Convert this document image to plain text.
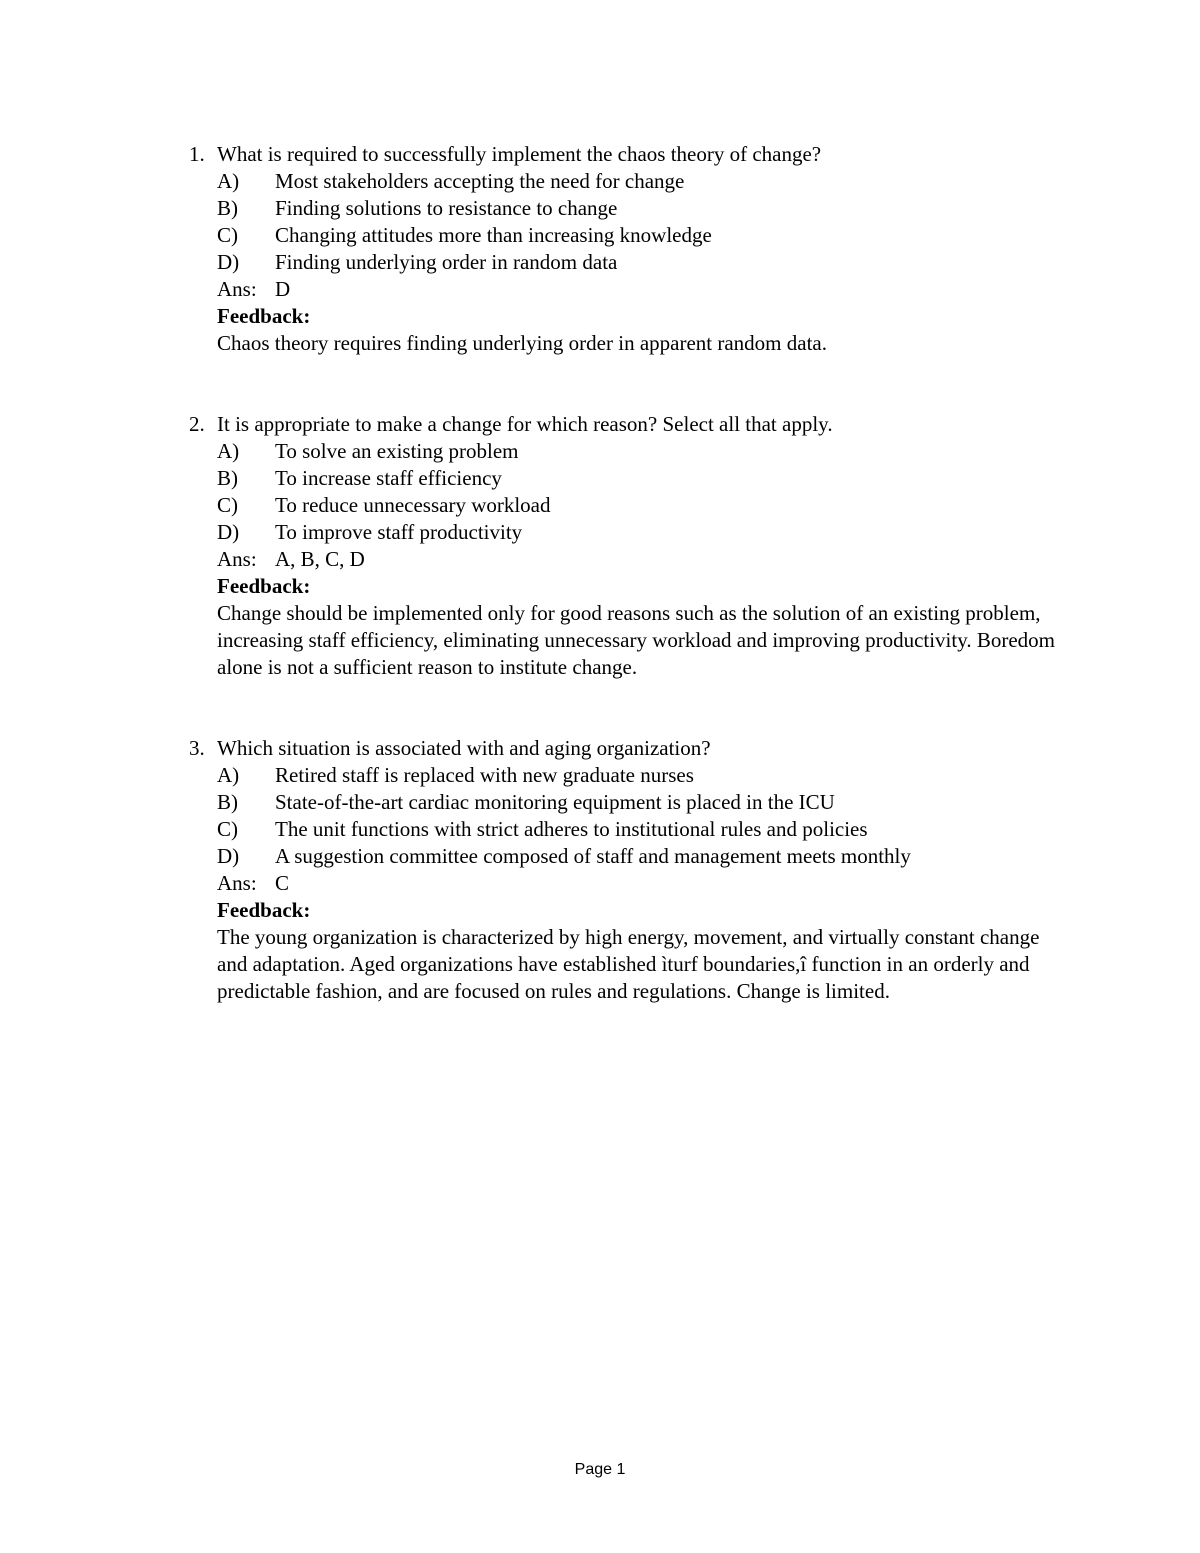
1. What is required to successfully implement the chaos theory of change?
A)	Most stakeholders accepting the need for change
B)	Finding solutions to resistance to change
C)	Changing attitudes more than increasing knowledge
D)	Finding underlying order in random data
Ans: D
Feedback:
Chaos theory requires finding underlying order in apparent random data.
2. It is appropriate to make a change for which reason? Select all that apply.
A)	To solve an existing problem
B)	To increase staff efficiency
C)	To reduce unnecessary workload
D)	To improve staff productivity
Ans: A, B, C, D
Feedback:
Change should be implemented only for good reasons such as the solution of an existing problem, increasing staff efficiency, eliminating unnecessary workload and improving productivity. Boredom alone is not a sufficient reason to institute change.
3. Which situation is associated with and aging organization?
A)	Retired staff is replaced with new graduate nurses
B)	State-of-the-art cardiac monitoring equipment is placed in the ICU
C)	The unit functions with strict adheres to institutional rules and policies
D)	A suggestion committee composed of staff and management meets monthly
Ans: C
Feedback:
The young organization is characterized by high energy, movement, and virtually constant change and adaptation. Aged organizations have established ìturf boundaries,î function in an orderly and predictable fashion, and are focused on rules and regulations. Change is limited.
Page 1
